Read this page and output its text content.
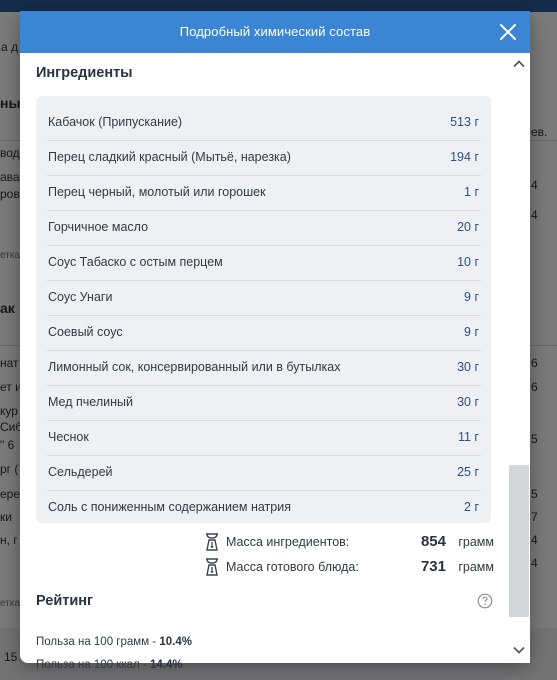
Подробный химический состав
Ингредиенты
Кабачок (Припускание)	513 г
Перец сладкий красный (Мытьё, нарезка)	194 г
Перец черный, молотый или горошек	1 г
Горчичное масло	20 г
Соус Табаско с остым перцем	10 г
Соус Унаги	9 г
Соевый соус	9 г
Лимонный сок, консервированный или в бутылках	30 г
Мед пчелиный	30 г
Чеснок	11 г
Сельдерей	25 г
Соль с пониженным содержанием натрия	2 г
Масса ингредиентов:	854 грамм
Масса готового блюда:	731 грамм
Рейтинг
Польза на 100 грамм - 10.4%
Польза на 100 ккал - 14.4%
